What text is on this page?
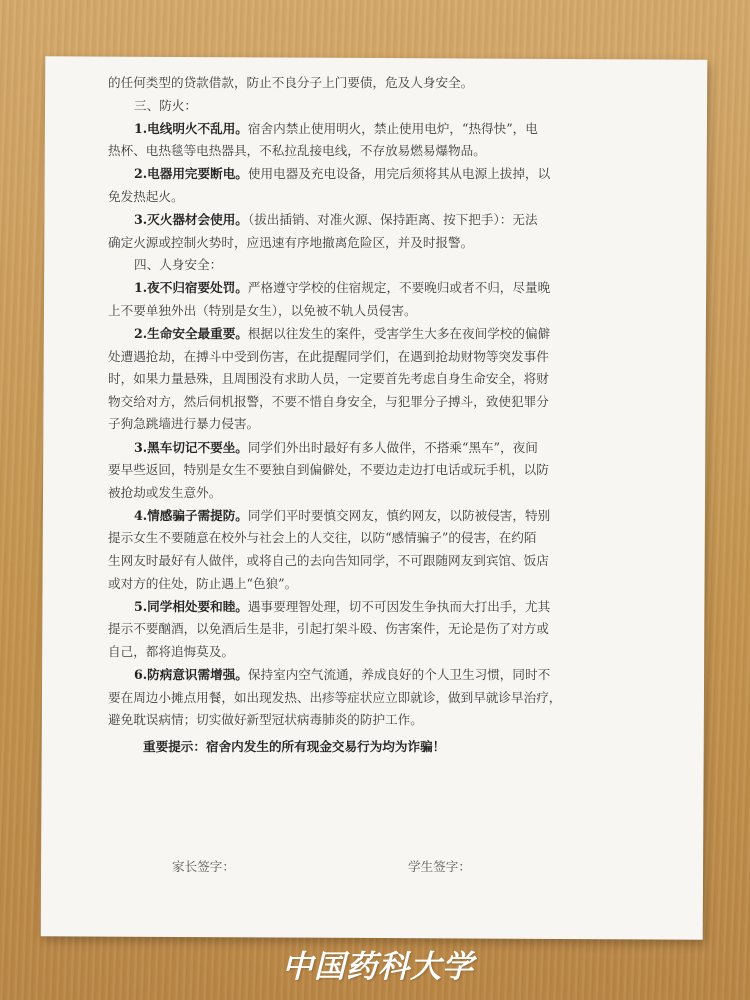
的任何类型的贷款借款，防止不良分子上门要债，危及人身安全。
三、防火：
1.电线明火不乱用。宿舍内禁止使用明火，禁止使用电炉，“热得快”，电
热杯、电热毯等电热器具，不私拉乱接电线，不存放易燃易爆物品。
2.电器用完要断电。使用电器及充电设备，用完后须将其从电源上拔掉，以
免发热起火。
3.灭火器材会使用。（拔出插销、对准火源、保持距离、按下把手）：无法
确定火源或控制火势时，应迅速有序地撤离危险区，并及时报警。
四、人身安全：
1.夜不归宿要处罚。严格遵守学校的住宿规定，不要晚归或者不归，尽量晚
上不要单独外出（特别是女生），以免被不轨人员侵害。
2.生命安全最重要。根据以往发生的案件，受害学生大多在夜间学校的偏僻
处遭遇抢劫，在搏斗中受到伤害，在此提醒同学们，在遇到抢劫财物等突发事件
时，如果力量悬殊，且周围没有求助人员，一定要首先考虑自身生命安全，将财
物交给对方，然后伺机报警，不要不惜自身安全，与犯罪分子搏斗，致使犯罪分
子狗急跳墙进行暴力侵害。
3.黑车切记不要坐。同学们外出时最好有多人做伴，不搭乘“黑车”，夜间
要早些返回，特别是女生不要独自到偏僻处，不要边走边打电话或玩手机，以防
被抢劫或发生意外。
4.情感骗子需提防。同学们平时要慎交网友，慎约网友，以防被侵害，特别
提示女生不要随意在校外与社会上的人交往，以防“感情骗子”的侵害，在约陌
生网友时最好有人做伴，或将自己的去向告知同学，不可跟随网友到宾馆、饭店
或对方的住处，防止遇上“色狼”。
5.同学相处要和睦。遇事要理智处理，切不可因发生争执而大打出手，尤其
提示不要酗酒，以免酒后生是非，引起打架斗殴、伤害案件，无论是伤了对方或
自己，都将追悔莫及。
6.防病意识需增强。保持室内空气流通，养成良好的个人卫生习惯，同时不
要在周边小摊点用餐，如出现发热、出疹等症状应立即就诊，做到早就诊早治疗，
避免耽误病情；切实做好新型冠状病毒肺炎的防护工作。
重要提示：宿舍内发生的所有现金交易行为均为诈骗！
家长签字：	学生签字：
中国药科大学
